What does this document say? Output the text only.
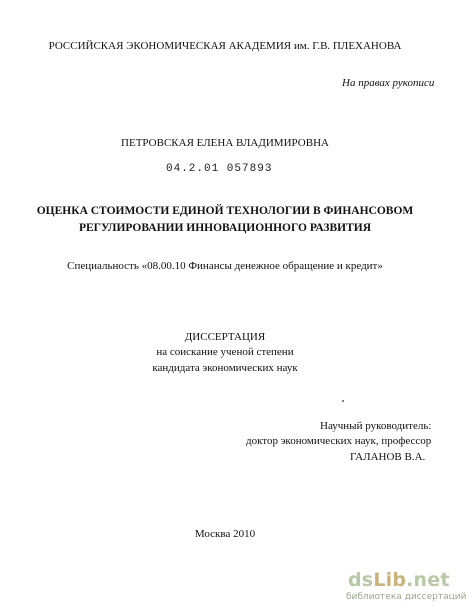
РОССИЙСКАЯ ЭКОНОМИЧЕСКАЯ АКАДЕМИЯ им. Г.В. ПЛЕХАНОВА
На правах рукописи
ПЕТРОВСКАЯ ЕЛЕНА ВЛАДИМИРОВНА
04.2.01 057893
ОЦЕНКА СТОИМОСТИ ЕДИНОЙ ТЕХНОЛОГИИ В ФИНАНСОВОМ
РЕГУЛИРОВАНИИ ИННОВАЦИОННОГО РАЗВИТИЯ
Специальность «08.00.10 Финансы денежное обращение и кредит»
ДИССЕРТАЦИЯ
на соискание ученой степени
кандидата экономических наук
Научный руководитель:
доктор экономических наук, профессор
ГАЛАНОВ В.А.
Москва 2010
dsLib.net
библиотека диссертаций
